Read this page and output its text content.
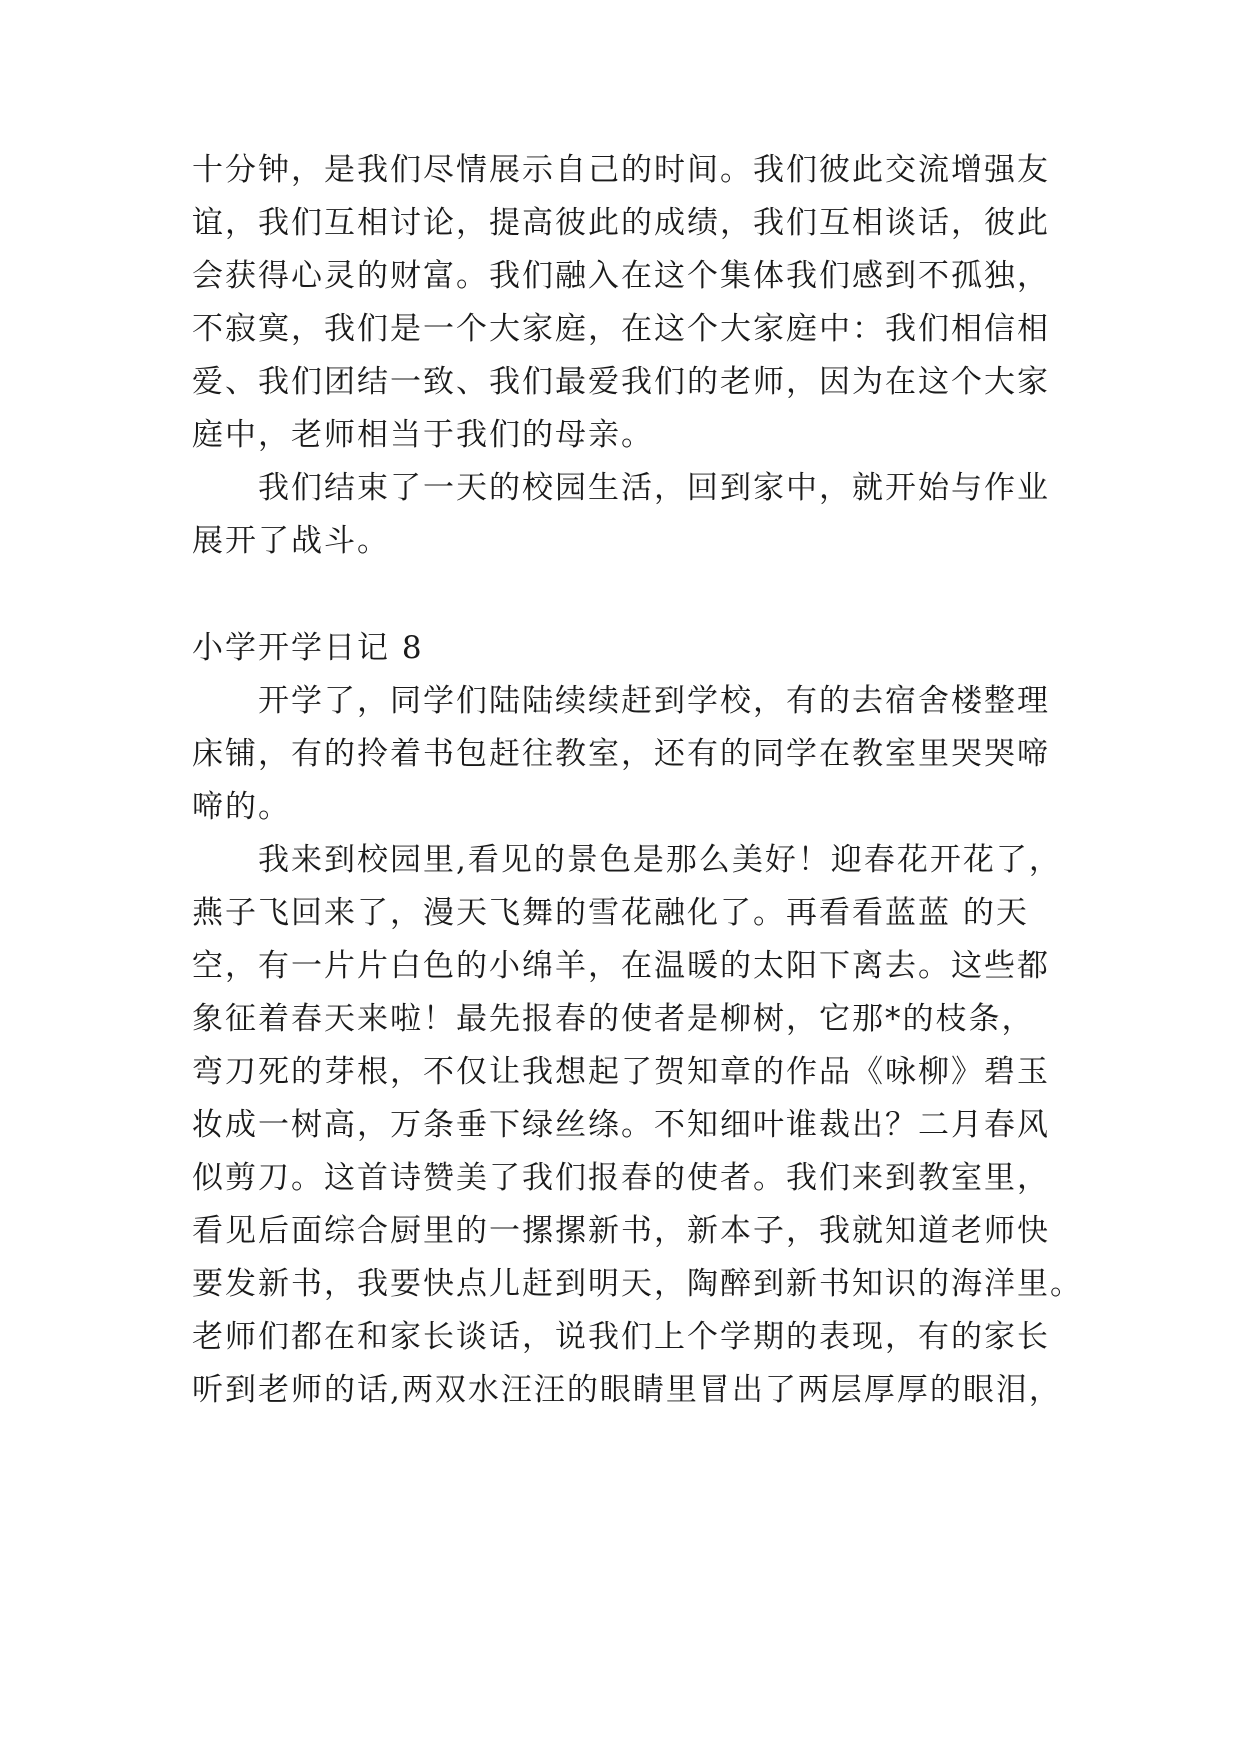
十分钟，是我们尽情展示自己的时间。我们彼此交流增强友
谊，我们互相讨论，提高彼此的成绩，我们互相谈话，彼此
会获得心灵的财富。我们融入在这个集体我们感到不孤独，
不寂寞，我们是一个大家庭，在这个大家庭中：我们相信相
爱、我们团结一致、我们最爱我们的老师，因为在这个大家
庭中，老师相当于我们的母亲。
我们结束了一天的校园生活，回到家中，就开始与作业
展开了战斗。
小学开学日记 8
开学了，同学们陆陆续续赶到学校，有的去宿舍楼整理
床铺，有的拎着书包赶往教室，还有的同学在教室里哭哭啼
啼的。
我来到校园里,看见的景色是那么美好！迎春花开花了，
燕子飞回来了，漫天飞舞的雪花融化了。再看看蓝蓝 的天
空，有一片片白色的小绵羊，在温暖的太阳下离去。这些都
象征着春天来啦！最先报春的使者是柳树，它那*的枝条，
弯刀死的芽根，不仅让我想起了贺知章的作品《咏柳》碧玉
妆成一树高，万条垂下绿丝绦。不知细叶谁裁出？二月春风
似剪刀。这首诗赞美了我们报春的使者。我们来到教室里，
看见后面综合厨里的一摞摞新书，新本子，我就知道老师快
要发新书，我要快点儿赶到明天，陶醉到新书知识的海洋里。
老师们都在和家长谈话，说我们上个学期的表现，有的家长
听到老师的话,两双水汪汪的眼睛里冒出了两层厚厚的眼泪，
